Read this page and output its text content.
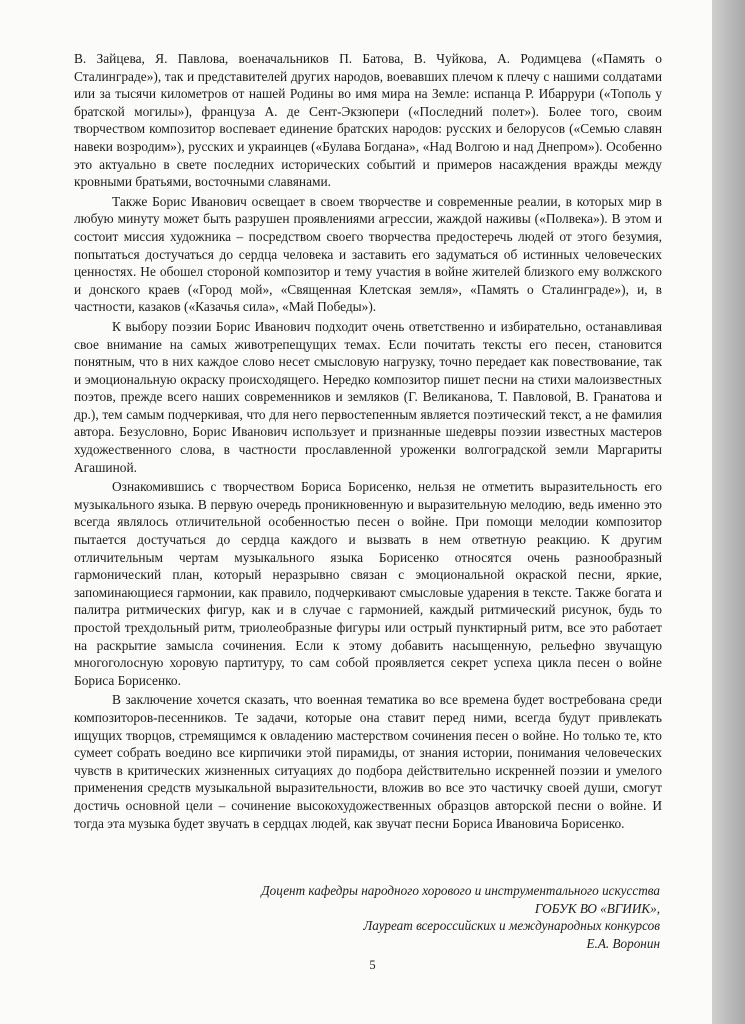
В. Зайцева, Я. Павлова, военачальников П. Батова, В. Чуйкова, А. Родимцева («Память о Сталинграде»), так и представителей других народов, воевавших плечом к плечу с нашими солдатами или за тысячи километров от нашей Родины во имя мира на Земле: испанца Р. Ибаррури («Тополь у братской могилы»), француза А. де Сент-Экзюпери («Последний полет»). Более того, своим творчеством композитор воспевает единение братских народов: русских и белорусов («Семью славян навеки возродим»), русских и украинцев («Булава Богдана», «Над Волгою и над Днепром»). Особенно это актуально в свете последних исторических событий и примеров насаждения вражды между кровными братьями, восточными славянами.

Также Борис Иванович освещает в своем творчестве и современные реалии, в которых мир в любую минуту может быть разрушен проявлениями агрессии, жаждой наживы («Полвека»). В этом и состоит миссия художника – посредством своего творчества предостеречь людей от этого безумия, попытаться достучаться до сердца человека и заставить его задуматься об истинных человеческих ценностях. Не обошел стороной композитор и тему участия в войне жителей близкого ему волжского и донского краев («Город мой», «Священная Клетская земля», «Память о Сталинграде»), и, в частности, казаков («Казачья сила», «Май Победы»).

К выбору поэзии Борис Иванович подходит очень ответственно и избирательно, останавливая свое внимание на самых животрепещущих темах. Если почитать тексты его песен, становится понятным, что в них каждое слово несет смысловую нагрузку, точно передает как повествование, так и эмоциональную окраску происходящего. Нередко композитор пишет песни на стихи малоизвестных поэтов, прежде всего наших современников и земляков (Г. Великанова, Т. Павловой, В. Гранатова и др.), тем самым подчеркивая, что для него первостепенным является поэтический текст, а не фамилия автора. Безусловно, Борис Иванович использует и признанные шедевры поэзии известных мастеров художественного слова, в частности прославленной уроженки волгоградской земли Маргариты Агашиной.

Ознакомившись с творчеством Бориса Борисенко, нельзя не отметить выразительность его музыкального языка. В первую очередь проникновенную и выразительную мелодию, ведь именно это всегда являлось отличительной особенностью песен о войне. При помощи мелодии композитор пытается достучаться до сердца каждого и вызвать в нем ответную реакцию. К другим отличительным чертам музыкального языка Борисенко относятся очень разнообразный гармонический план, который неразрывно связан с эмоциональной окраской песни, яркие, запоминающиеся гармонии, как правило, подчеркивают смысловые ударения в тексте. Также богата и палитра ритмических фигур, как и в случае с гармонией, каждый ритмический рисунок, будь то простой трехдольный ритм, триолеобразные фигуры или острый пунктирный ритм, все это работает на раскрытие замысла сочинения. Если к этому добавить насыщенную, рельефно звучащую многоголосную хоровую партитуру, то сам собой проявляется секрет успеха цикла песен о войне Бориса Борисенко.

В заключение хочется сказать, что военная тематика во все времена будет востребована среди композиторов-песенников. Те задачи, которые она ставит перед ними, всегда будут привлекать ищущих творцов, стремящимся к овладению мастерством сочинения песен о войне. Но только те, кто сумеет собрать воедино все кирпичики этой пирамиды, от знания истории, понимания человеческих чувств в критических жизненных ситуациях до подбора действительно искренней поэзии и умелого применения средств музыкальной выразительности, вложив во все это частичку своей души, смогут достичь основной цели – сочинение высокохудожественных образцов авторской песни о войне. И тогда эта музыка будет звучать в сердцах людей, как звучат песни Бориса Ивановича Борисенко.

Доцент кафедры народного хорового и инструментального искусства
ГОБУК ВО «ВГИИК»,
Лауреат всероссийских и международных конкурсов
Е.А. Воронин
5
